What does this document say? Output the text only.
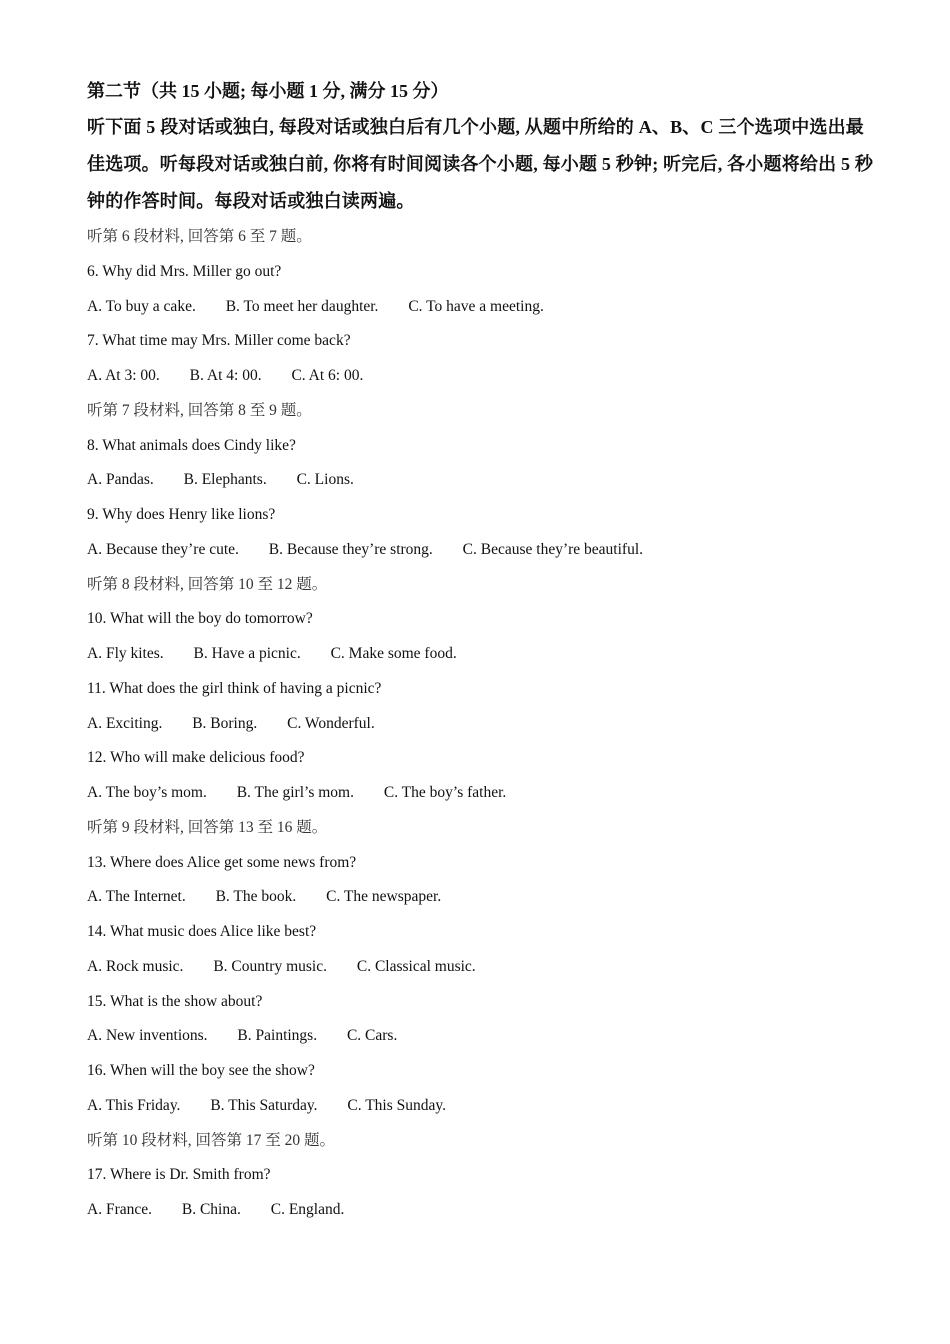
第二节（共 15 小题; 每小题 1 分, 满分 15 分）
听下面 5 段对话或独白, 每段对话或独白后有几个小题, 从题中所给的 A、B、C 三个选项中选出最佳选项。听每段对话或独白前, 你将有时间阅读各个小题, 每小题 5 秒钟; 听完后, 各小题将给出 5 秒钟的作答时间。每段对话或独白读两遍。
听第 6 段材料, 回答第 6 至 7 题。
6. Why did Mrs. Miller go out?
A. To buy a cake. B. To meet her daughter. C. To have a meeting.
7. What time may Mrs. Miller come back?
A. At 3: 00. B. At 4: 00. C. At 6: 00.
听第 7 段材料, 回答第 8 至 9 题。
8. What animals does Cindy like?
A. Pandas. B. Elephants. C. Lions.
9. Why does Henry like lions?
A. Because they’re cute. B. Because they’re strong. C. Because they’re beautiful.
听第 8 段材料, 回答第 10 至 12 题。
10. What will the boy do tomorrow?
A. Fly kites. B. Have a picnic. C. Make some food.
11. What does the girl think of having a picnic?
A. Exciting. B. Boring. C. Wonderful.
12. Who will make delicious food?
A. The boy’s mom. B. The girl’s mom. C. The boy’s father.
听第 9 段材料, 回答第 13 至 16 题。
13. Where does Alice get some news from?
A. The Internet. B. The book. C. The newspaper.
14. What music does Alice like best?
A. Rock music. B. Country music. C. Classical music.
15. What is the show about?
A. New inventions. B. Paintings. C. Cars.
16. When will the boy see the show?
A. This Friday. B. This Saturday. C. This Sunday.
听第 10 段材料, 回答第 17 至 20 题。
17. Where is Dr. Smith from?
A. France. B. China. C. England.
